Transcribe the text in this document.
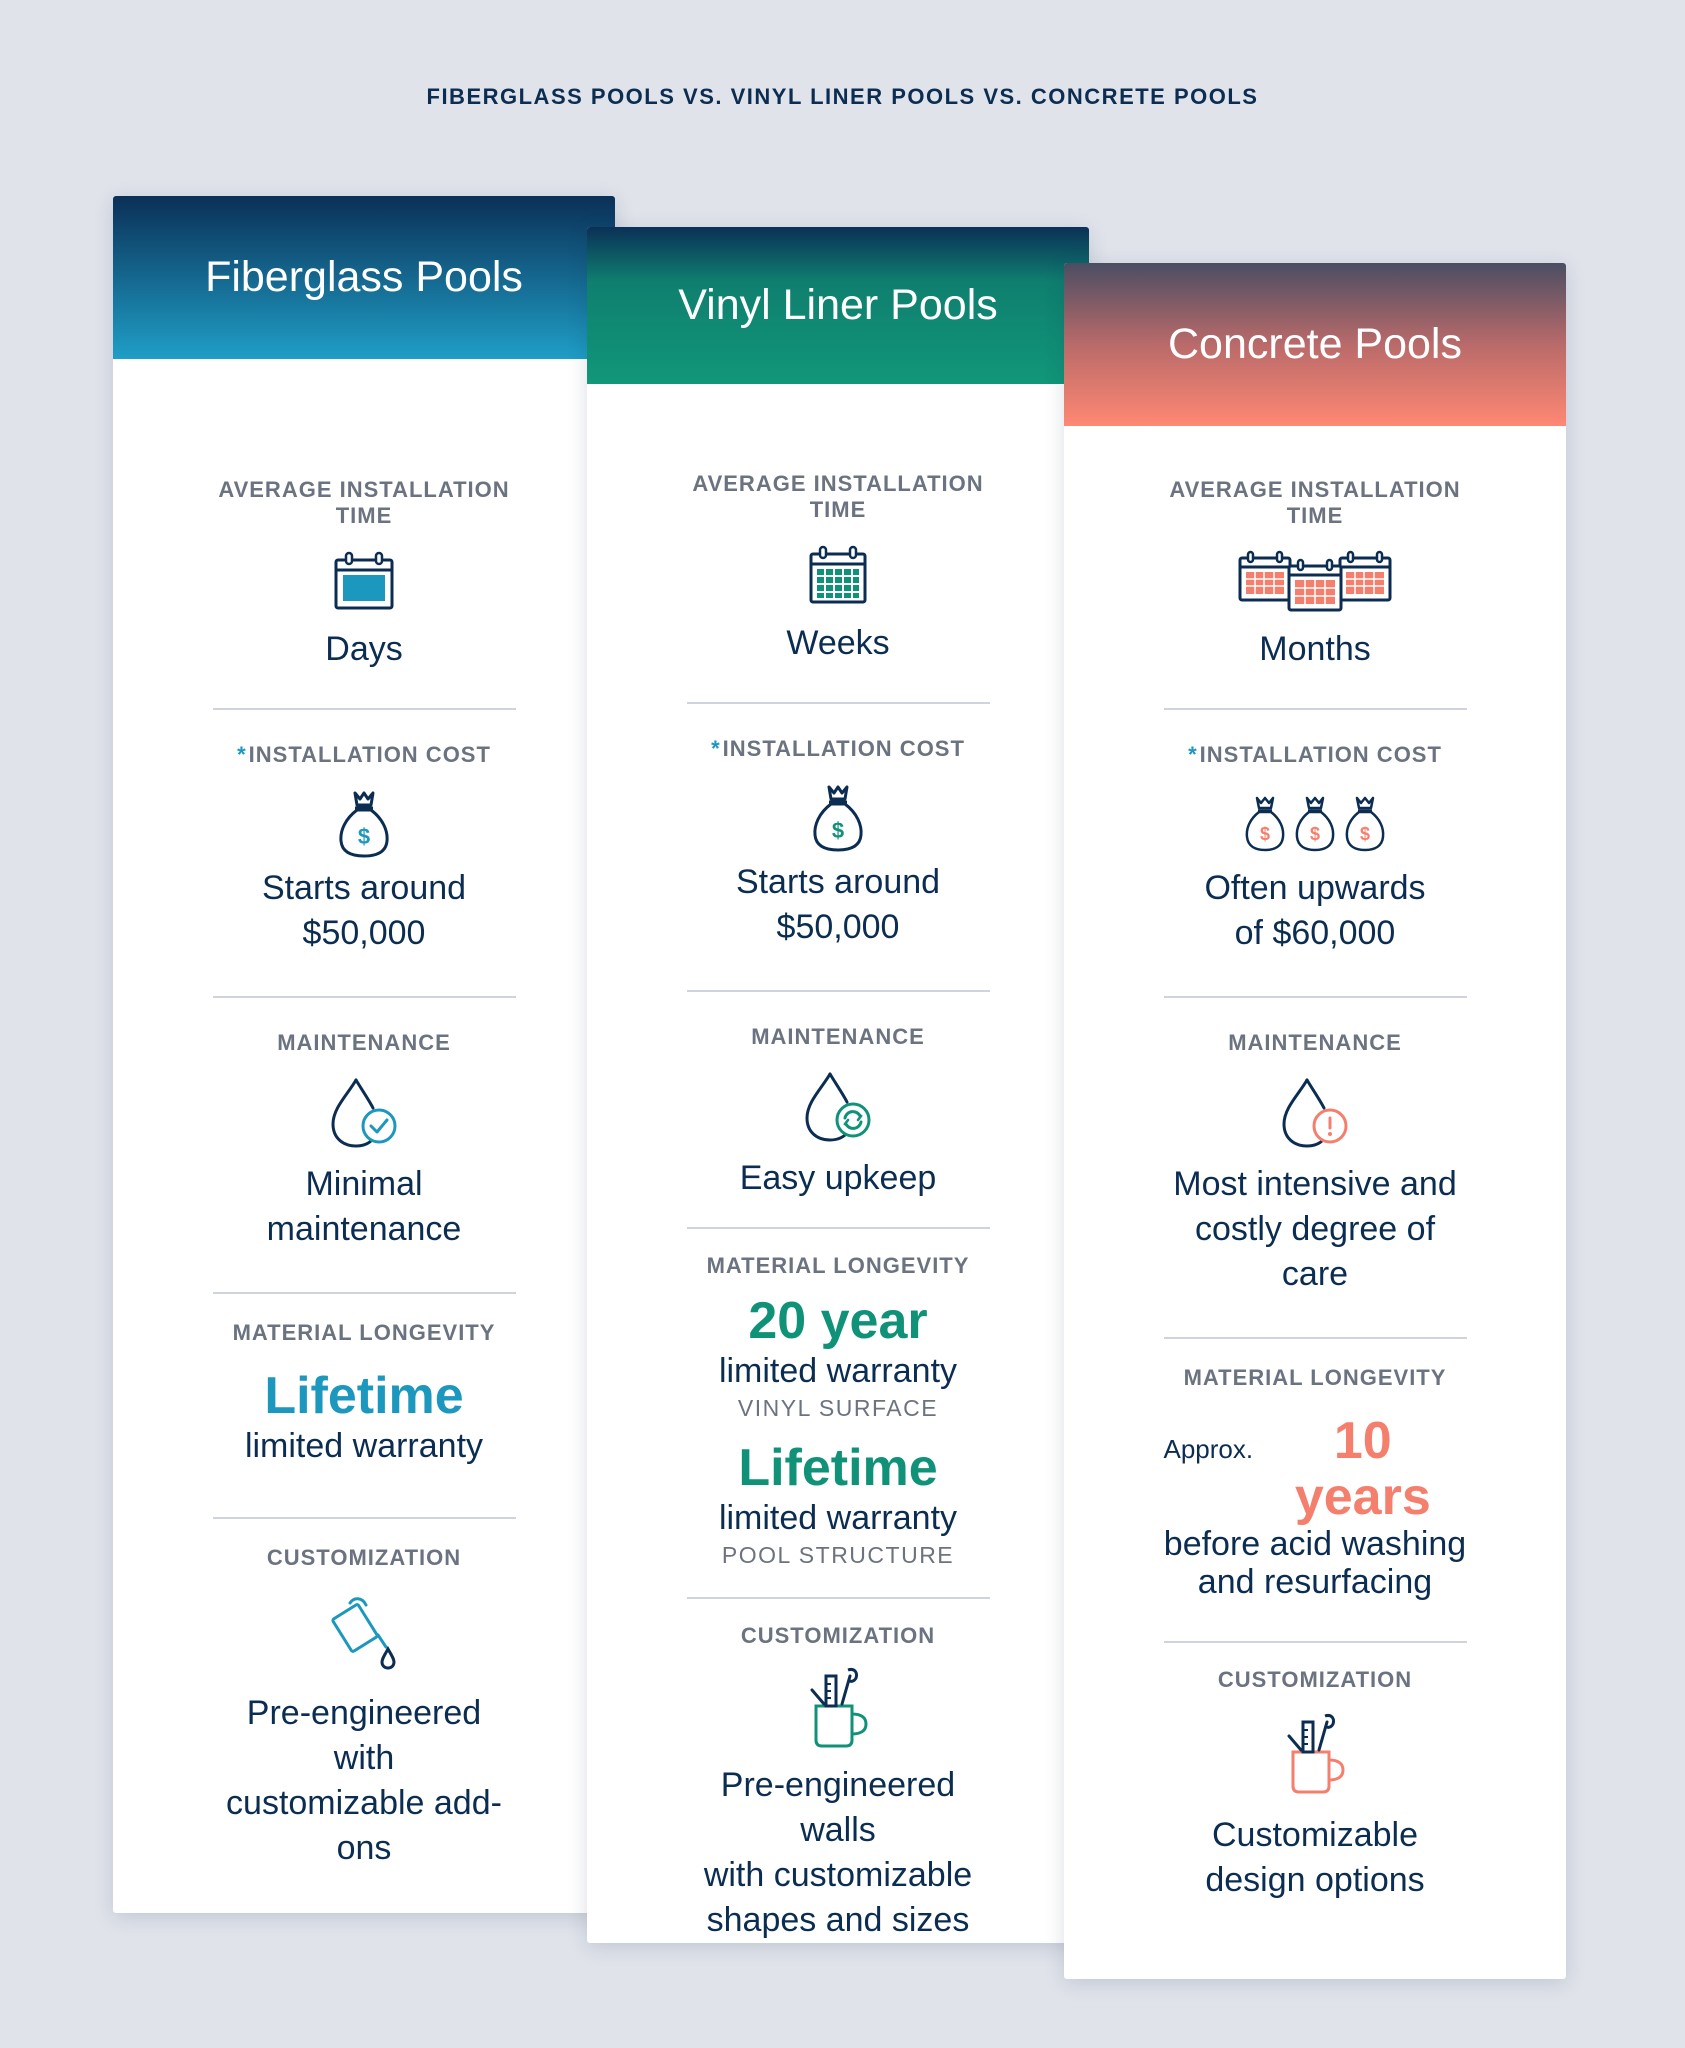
FIBERGLASS POOLS VS. VINYL LINER POOLS VS. CONCRETE POOLS
Fiberglass Pools
AVERAGE INSTALLATION TIME
Days
*INSTALLATION COST
$
Starts around
$50,000
MAINTENANCE
Minimal
maintenance
MATERIAL LONGEVITY
Lifetime
limited warranty
CUSTOMIZATION
Pre-engineered with
customizable add-ons
Vinyl Liner Pools
AVERAGE INSTALLATION TIME
Weeks
*INSTALLATION COST
$
Starts around
$50,000
MAINTENANCE
Easy upkeep
MATERIAL LONGEVITY
20 year
limited warranty
VINYL SURFACE
Lifetime
limited warranty
POOL STRUCTURE
CUSTOMIZATION
Pre-engineered walls
with customizable
shapes and sizes
Concrete Pools
AVERAGE INSTALLATION TIME
Months
*INSTALLATION COST
$ $ $
Often upwards
of $60,000
MAINTENANCE
Most intensive and
costly degree of care
MATERIAL LONGEVITY
Approx.	10 years
before acid washing
and resurfacing
CUSTOMIZATION
Customizable
design options
